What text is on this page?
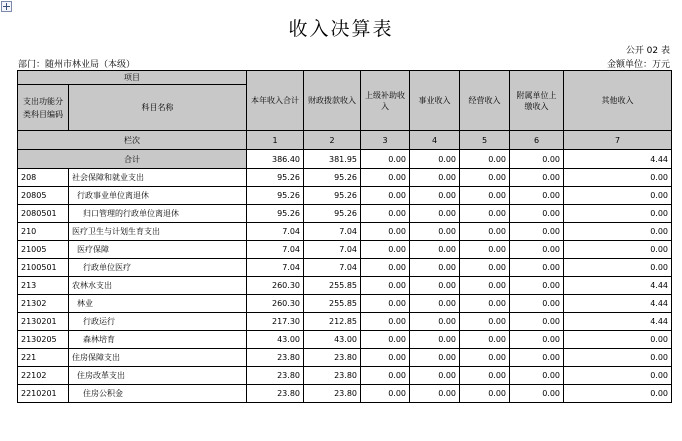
收入决算表
公开 02 表
部门：随州市林业局（本级）	金额单位：万元
项目		本年收入合计	财政拨款收入	上级补助收入	事业收入	经营收入	附属单位上缴收入	其他收入
支出功能分类科目编码	科目名称							
栏次		1	2	3	4	5	6	7
合计		386.40	381.95	0.00	0.00	0.00	0.00	4.44
208	社会保障和就业支出	95.26	95.26	0.00	0.00	0.00	0.00	0.00
20805	行政事业单位离退休	95.26	95.26	0.00	0.00	0.00	0.00	0.00
2080501	归口管理的行政单位离退休	95.26	95.26	0.00	0.00	0.00	0.00	0.00
210	医疗卫生与计划生育支出	7.04	7.04	0.00	0.00	0.00	0.00	0.00
21005	医疗保障	7.04	7.04	0.00	0.00	0.00	0.00	0.00
2100501	行政单位医疗	7.04	7.04	0.00	0.00	0.00	0.00	0.00
213	农林水支出	260.30	255.85	0.00	0.00	0.00	0.00	4.44
21302	林业	260.30	255.85	0.00	0.00	0.00	0.00	4.44
2130201	行政运行	217.30	212.85	0.00	0.00	0.00	0.00	4.44
2130205	森林培育	43.00	43.00	0.00	0.00	0.00	0.00	0.00
221	住房保障支出	23.80	23.80	0.00	0.00	0.00	0.00	0.00
22102	住房改革支出	23.80	23.80	0.00	0.00	0.00	0.00	0.00
2210201	住房公积金	23.80	23.80	0.00	0.00	0.00	0.00	0.00
